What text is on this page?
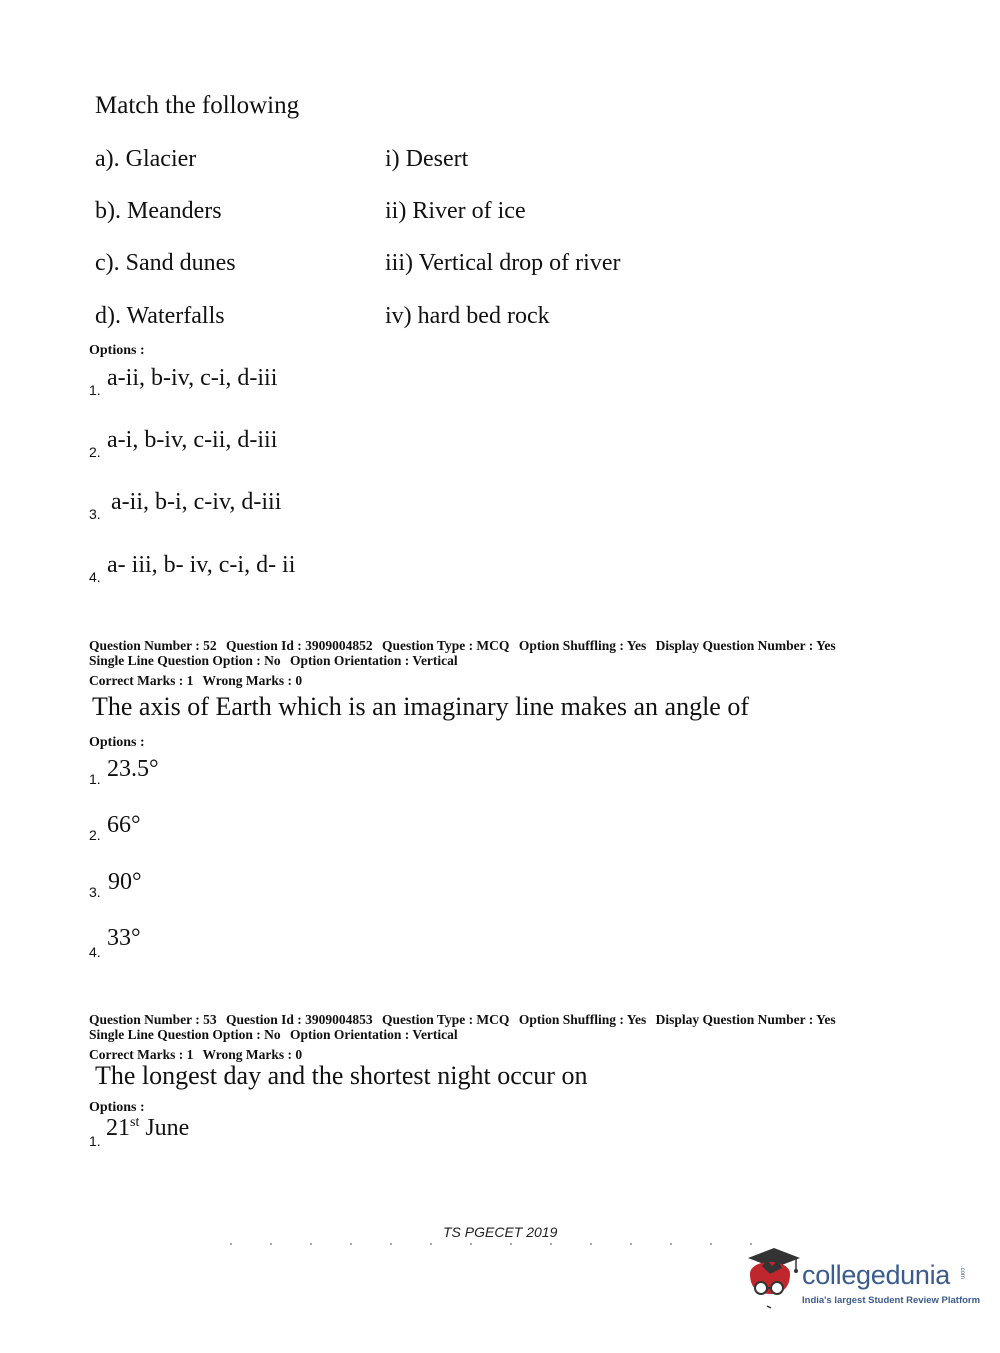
Match the following
a). Glacier
b). Meanders
c). Sand dunes
d). Waterfalls
i) Desert
ii) River of ice
iii) Vertical drop of river
iv) hard bed rock
Options :
1. a-ii, b-iv, c-i, d-iii
2. a-i, b-iv, c-ii, d-iii
3. a-ii, b-i, c-iv, d-iii
4. a- iii, b- iv, c-i, d- ii
Question Number : 52 Question Id : 3909004852 Question Type : MCQ Option Shuffling : Yes Display Question Number : Yes
Single Line Question Option : No Option Orientation : Vertical
Correct Marks : 1 Wrong Marks : 0
The axis of Earth which is an imaginary line makes an angle of
Options :
1. 23.5°
2. 66°
3. 90°
4.
33°
Question Number : 53 Question Id : 3909004853 Question Type : MCQ Option Shuffling : Yes Display Question Number : Yes
Single Line Question Option : No Option Orientation : Vertical
Correct Marks : 1 Wrong Marks : 0
The longest day and the shortest night occur on
Options :
1. 21st June
TS PGECET 2019
collegedunia .com
India's largest Student Review Platform
